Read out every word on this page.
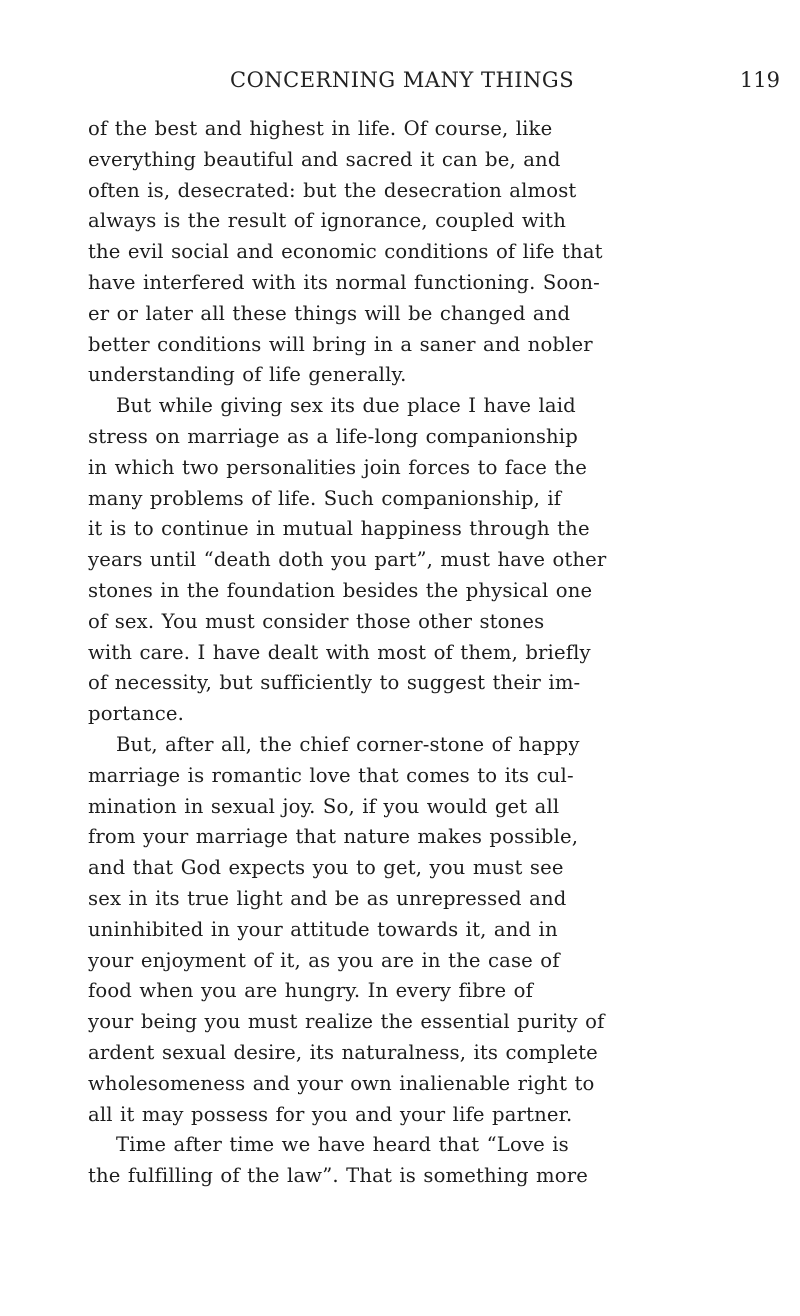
CONCERNING MANY THINGS	119
of the best and highest in life. Of course, like
everything beautiful and sacred it can be, and
often is, desecrated: but the desecration almost
always is the result of ignorance, coupled with
the evil social and economic conditions of life that
have interfered with its normal functioning. Soon-
er or later all these things will be changed and
better conditions will bring in a saner and nobler
understanding of life generally.
But while giving sex its due place I have laid
stress on marriage as a life-long companionship
in which two personalities join forces to face the
many problems of life. Such companionship, if
it is to continue in mutual happiness through the
years until “death doth you part”, must have other
stones in the foundation besides the physical one
of sex. You must consider those other stones
with care. I have dealt with most of them, briefly
of necessity, but sufficiently to suggest their im-
portance.
But, after all, the chief corner-stone of happy
marriage is romantic love that comes to its cul-
mination in sexual joy. So, if you would get all
from your marriage that nature makes possible,
and that God expects you to get, you must see
sex in its true light and be as unrepressed and
uninhibited in your attitude towards it, and in
your enjoyment of it, as you are in the case of
food when you are hungry. In every fibre of
your being you must realize the essential purity of
ardent sexual desire, its naturalness, its complete
wholesomeness and your own inalienable right to
all it may possess for you and your life partner.
Time after time we have heard that “Love is
the fulfilling of the law”. That is something more
